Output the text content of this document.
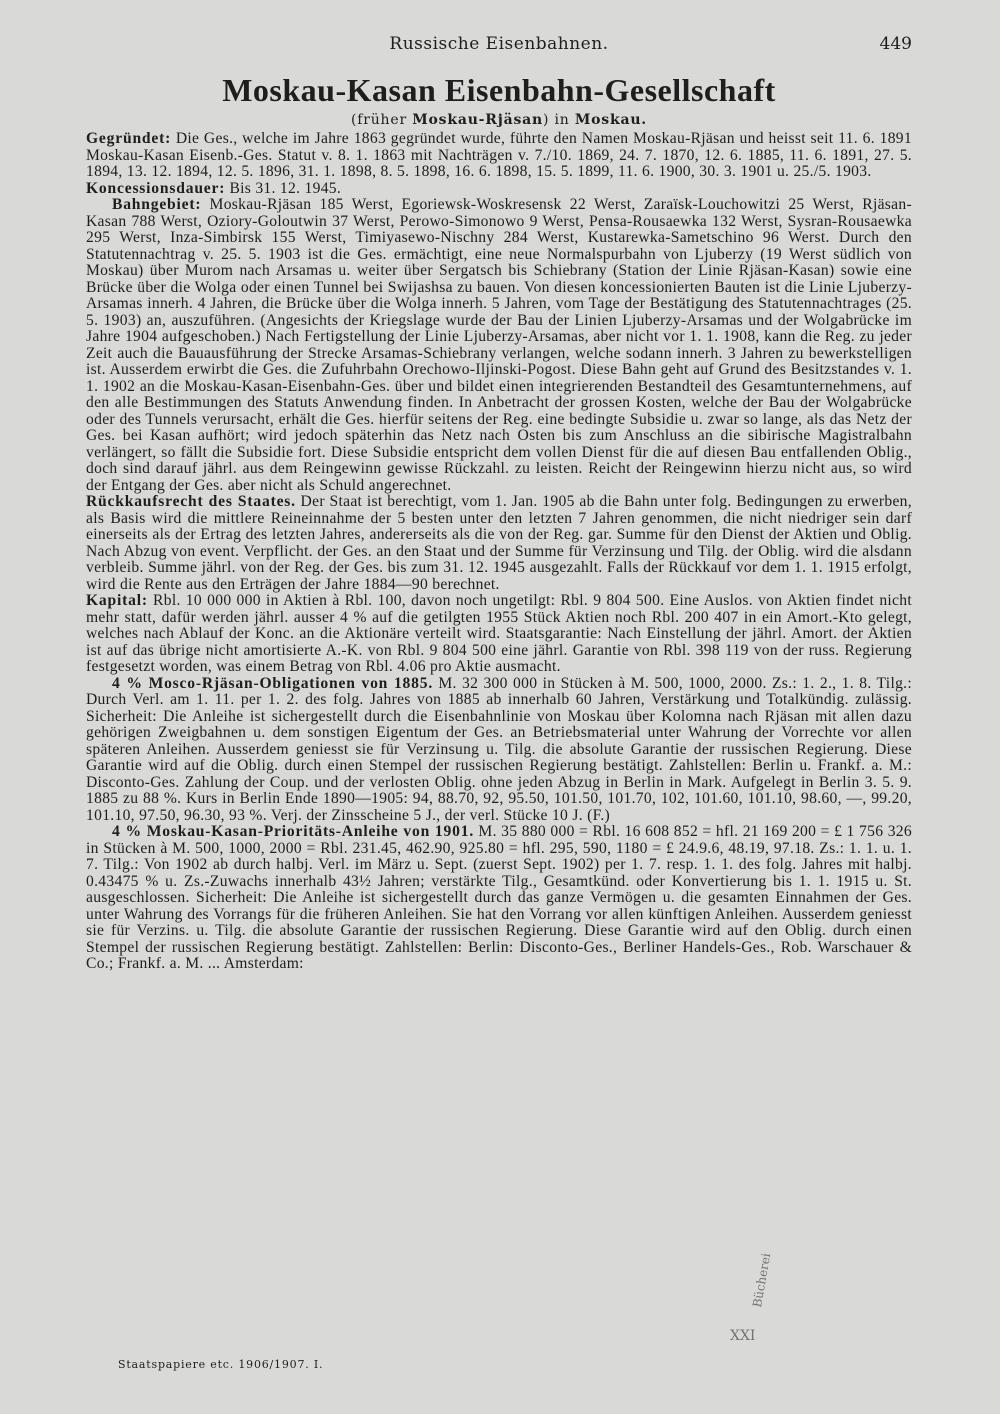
Russische Eisenbahnen.	449
Moskau-Kasan Eisenbahn-Gesellschaft
(früher Moskau-Rjäsan) in Moskau.

Gegründet: Die Ges., welche im Jahre 1863 gegründet wurde, führte den Namen Moskau-Rjäsan und heisst seit 11. 6. 1891 Moskau-Kasan Eisenb.-Ges. Statut v. 8. 1. 1863 mit Nachträgen v. 7./10. 1869, 24. 7. 1870, 12. 6. 1885, 11. 6. 1891, 27. 5. 1894, 13. 12. 1894, 12. 5. 1896, 31. 1. 1898, 8. 5. 1898, 16. 6. 1898, 15. 5. 1899, 11. 6. 1900, 30. 3. 1901 u. 25./5. 1903.

Koncessionsdauer: Bis 31. 12. 1945.

Bahngebiet: Moskau-Rjäsan 185 Werst, Egoriewsk-Woskresensk 22 Werst, Zaraïsk-Louchowitzi 25 Werst, Rjäsan-Kasan 788 Werst, Oziory-Goloutwin 37 Werst, Perowo-Simonowo 9 Werst, Pensa-Rousaewka 132 Werst, Sysran-Rousaewka 295 Werst, Inza-Simbirsk 155 Werst, Timiyasewo-Nischny 284 Werst, Kustarewka-Sametschino 96 Werst. Durch den Statutennachtrag v. 25. 5. 1903 ist die Ges. ermächtigt, eine neue Normalspurbahn von Ljuberzy (19 Werst südlich von Moskau) über Murom nach Arsamas u. weiter über Sergatsch bis Schiebrany (Station der Linie Rjäsan-Kasan) sowie eine Brücke über die Wolga oder einen Tunnel bei Swijashsa zu bauen. Von diesen koncessionierten Bauten ist die Linie Ljuberzy-Arsamas innerh. 4 Jahren, die Brücke über die Wolga innerh. 5 Jahren, vom Tage der Bestätigung des Statutennachtrages (25. 5. 1903) an, auszuführen. (Angesichts der Kriegslage wurde der Bau der Linien Ljuberzy-Arsamas und der Wolgabrücke im Jahre 1904 aufgeschoben.) Nach Fertigstellung der Linie Ljuberzy-Arsamas, aber nicht vor 1. 1. 1908, kann die Reg. zu jeder Zeit auch die Bauausführung der Strecke Arsamas-Schiebrany verlangen, welche sodann innerh. 3 Jahren zu bewerkstelligen ist. Ausserdem erwirbt die Ges. die Zufuhrbahn Orechowo-Iljinski-Pogost. Diese Bahn geht auf Grund des Besitzstandes v. 1. 1. 1902 an die Moskau-Kasan-Eisenbahn-Ges. über und bildet einen integrierenden Bestandteil des Gesamtunternehmens, auf den alle Bestimmungen des Statuts Anwendung finden. In Anbetracht der grossen Kosten, welche der Bau der Wolgabrücke oder des Tunnels verursacht, erhält die Ges. hierfür seitens der Reg. eine bedingte Subsidie u. zwar so lange, als das Netz der Ges. bei Kasan aufhört; wird jedoch späterhin das Netz nach Osten bis zum Anschluss an die sibirische Magistralbahn verlängert, so fällt die Subsidie fort. Diese Subsidie entspricht dem vollen Dienst für die auf diesen Bau entfallenden Oblig., doch sind darauf jährl. aus dem Reingewinn gewisse Rückzahl. zu leisten. Reicht der Reingewinn hierzu nicht aus, so wird der Entgang der Ges. aber nicht als Schuld angerechnet.

Rückkaufsrecht des Staates. Der Staat ist berechtigt, vom 1. Jan. 1905 ab die Bahn unter folg. Bedingungen zu erwerben, als Basis wird die mittlere Reineinnahme der 5 besten unter den letzten 7 Jahren genommen, die nicht niedriger sein darf einerseits als der Ertrag des letzten Jahres, andererseits als die von der Reg. gar. Summe für den Dienst der Aktien und Oblig. Nach Abzug von event. Verpflicht. der Ges. an den Staat und der Summe für Verzinsung und Tilg. der Oblig. wird die alsdann verbleib. Summe jährl. von der Reg. der Ges. bis zum 31. 12. 1945 ausgezahlt. Falls der Rückkauf vor dem 1. 1. 1915 erfolgt, wird die Rente aus den Erträgen der Jahre 1884—90 berechnet.

Kapital: Rbl. 10 000 000 in Aktien à Rbl. 100, davon noch ungetilgt: Rbl. 9 804 500. Eine Auslos. von Aktien findet nicht mehr statt, dafür werden jährl. ausser 4 % auf die getilgten 1955 Stück Aktien noch Rbl. 200 407 in ein Amort.-Kto gelegt, welches nach Ablauf der Konc. an die Aktionäre verteilt wird. Staatsgarantie: Nach Einstellung der jährl. Amort. der Aktien ist auf das übrige nicht amortisierte A.-K. von Rbl. 9 804 500 eine jährl. Garantie von Rbl. 398 119 von der russ. Regierung festgesetzt worden, was einem Betrag von Rbl. 4.06 pro Aktie ausmacht.

4 % Mosco-Rjäsan-Obligationen von 1885. M. 32 300 000 in Stücken à M. 500, 1000, 2000. Zs.: 1. 2., 1. 8. Tilg.: Durch Verl. am 1. 11. per 1. 2. des folg. Jahres von 1885 ab innerhalb 60 Jahren, Verstärkung und Totalkündig. zulässig. Sicherheit: Die Anleihe ist sichergestellt durch die Eisenbahnlinie von Moskau über Kolomna nach Rjäsan mit allen dazu gehörigen Zweigbahnen u. dem sonstigen Eigentum der Ges. an Betriebsmaterial unter Wahrung der Vorrechte vor allen späteren Anleihen. Ausserdem geniesst sie für Verzinsung u. Tilg. die absolute Garantie der russischen Regierung. Diese Garantie wird auf die Oblig. durch einen Stempel der russischen Regierung bestätigt. Zahlstellen: Berlin u. Frankf. a. M.: Disconto-Ges. Zahlung der Coup. und der verlosten Oblig. ohne jeden Abzug in Berlin in Mark. Aufgelegt in Berlin 3. 5. 9. 1885 zu 88 %. Kurs in Berlin Ende 1890—1905: 94, 88.70, 92, 95.50, 101.50, 101.70, 102, 101.60, 101.10, 98.60, —, 99.20, 101.10, 97.50, 96.30, 93 %. Verj. der Zinsscheine 5 J., der verl. Stücke 10 J. (F.)

4 % Moskau-Kasan-Prioritäts-Anleihe von 1901. M. 35 880 000 = Rbl. 16 608 852 = hfl. 21 169 200 = £ 1 756 326 in Stücken à M. 500, 1000, 2000 = Rbl. 231.45, 462.90, 925.80 = hfl. 295, 590, 1180 = £ 24.9.6, 48.19, 97.18. Zs.: 1. 1. u. 1. 7. Tilg.: Von 1902 ab durch halbj. Verl. im März u. Sept. (zuerst Sept. 1902) per 1. 7. resp. 1. 1. des folg. Jahres mit halbj. 0.43475 % u. Zs.-Zuwachs innerhalb 43½ Jahren; verstärkte Tilg., Gesamtkünd. oder Konvertierung bis 1. 1. 1915 u. St. ausgeschlossen. Sicherheit: Die Anleihe ist sichergestellt durch das ganze Vermögen u. die gesamten Einnahmen der Ges. unter Wahrung des Vorrangs für die früheren Anleihen. Sie hat den Vorrang vor allen künftigen Anleihen. Ausserdem geniesst sie für Verzins. u. Tilg. die absolute Garantie der russischen Regierung. Diese Garantie wird auf den Oblig. durch einen Stempel der russischen Regierung bestätigt. Zahlstellen: Berlin: Disconto-Ges., Berliner Handels-Ges., Rob. Warschauer & Co.; Frankf. a. M. ... Amsterdam:

XXI
Bücherei
Staatspapiere etc. 1906/1907. I.
